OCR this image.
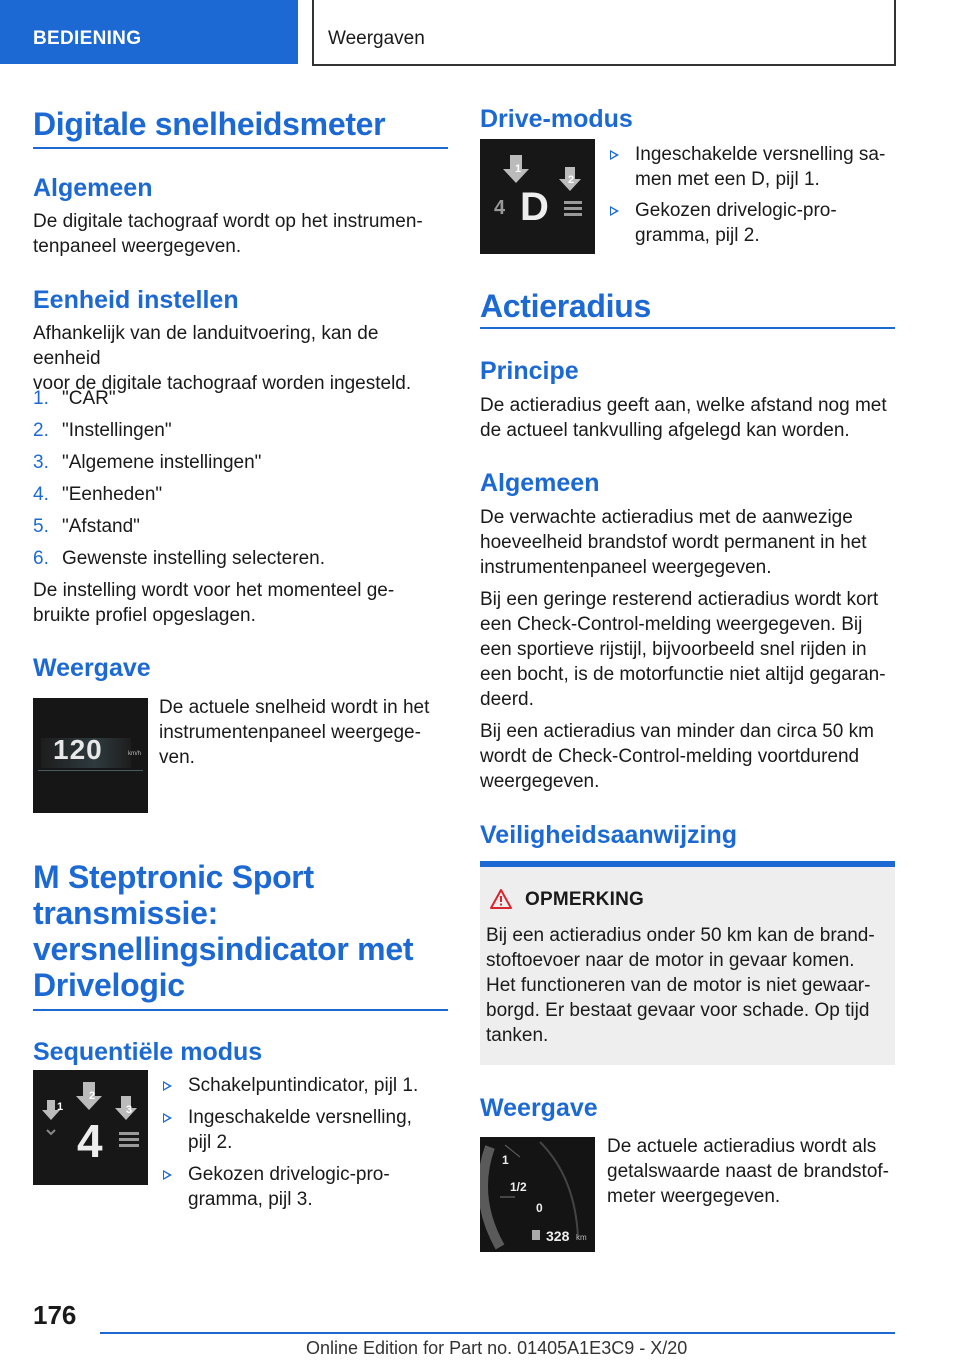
BEDIENING	Weergaven
Digitale snelheidsmeter
Algemeen
De digitale tachograaf wordt op het instrumen-
tenpaneel weergegeven.
Eenheid instellen
Afhankelijk van de landuitvoering, kan de eenheid
voor de digitale tachograaf worden ingesteld.
1. "CAR"
2. "Instellingen"
3. "Algemene instellingen"
4. "Eenheden"
5. "Afstand"
6. Gewenste instelling selecteren.
De instelling wordt voor het momenteel ge-
bruikte profiel opgeslagen.
Weergave
120	km/h
De actuele snelheid wordt in het
instrumentenpaneel weergege-
ven.
M Steptronic Sport
transmissie:
versnellingsindicator met
Drivelogic
Sequentiële modus
1
2
3
4
Schakelpuntindicator, pijl 1.
Ingeschakelde versnelling,
pijl 2.
Gekozen drivelogic-pro-
gramma, pijl 3.
Drive-modus
1
2
4 D
Ingeschakelde versnelling sa-
men met een D, pijl 1.
Gekozen drivelogic-pro-
gramma, pijl 2.
Actieradius
Principe
De actieradius geeft aan, welke afstand nog met
de actueel tankvulling afgelegd kan worden.
Algemeen
De verwachte actieradius met de aanwezige
hoeveelheid brandstof wordt permanent in het
instrumentenpaneel weergegeven.
Bij een geringe resterend actieradius wordt kort
een Check-Control-melding weergegeven. Bij
een sportieve rijstijl, bijvoorbeeld snel rijden in
een bocht, is de motorfunctie niet altijd gegaran-
deerd.
Bij een actieradius van minder dan circa 50 km
wordt de Check-Control-melding voortdurend
weergegeven.
Veiligheidsaanwijzing
OPMERKING
Bij een actieradius onder 50 km kan de brand-
stoftoevoer naar de motor in gevaar komen.
Het functioneren van de motor is niet gewaar-
borgd. Er bestaat gevaar voor schade. Op tijd
tanken.
Weergave
1
1/2
0
328 km
De actuele actieradius wordt als
getalswaarde naast de brandstof-
meter weergegeven.
176
Online Edition for Part no. 01405A1E3C9 - X/20
